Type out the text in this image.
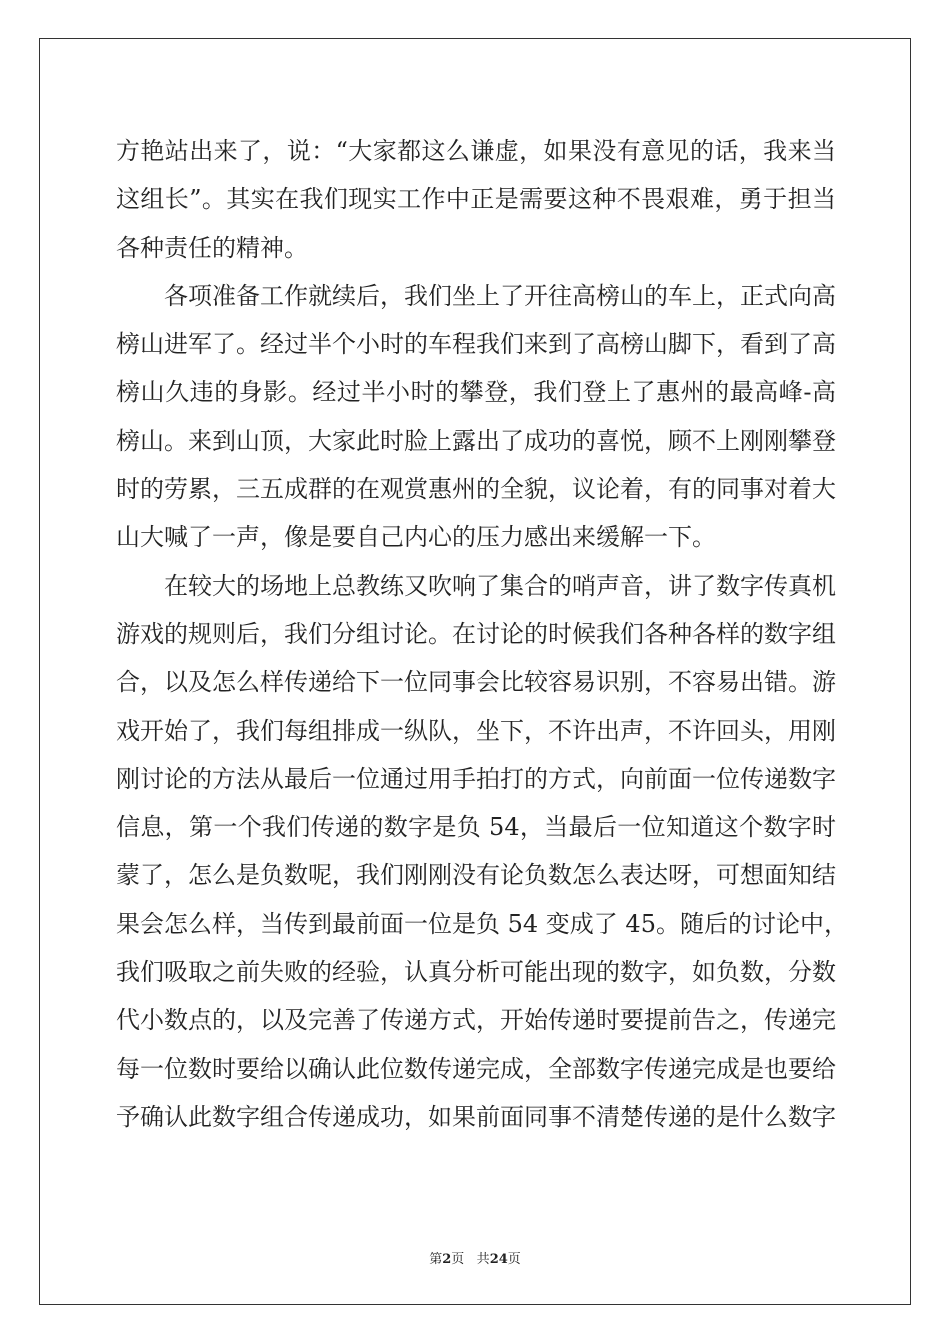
方艳站出来了，说：“大家都这么谦虚，如果没有意见的话，我来当
这组长”。其实在我们现实工作中正是需要这种不畏艰难，勇于担当
各种责任的精神。
各项准备工作就续后，我们坐上了开往高榜山的车上，正式向高
榜山进军了。经过半个小时的车程我们来到了高榜山脚下，看到了高
榜山久违的身影。经过半小时的攀登，我们登上了惠州的最高峰-高
榜山。来到山顶，大家此时脸上露出了成功的喜悦，顾不上刚刚攀登
时的劳累，三五成群的在观赏惠州的全貌，议论着，有的同事对着大
山大喊了一声，像是要自己内心的压力感出来缓解一下。
在较大的场地上总教练又吹响了集合的哨声音，讲了数字传真机
游戏的规则后，我们分组讨论。在讨论的时候我们各种各样的数字组
合，以及怎么样传递给下一位同事会比较容易识别，不容易出错。游
戏开始了，我们每组排成一纵队，坐下，不许出声，不许回头，用刚
刚讨论的方法从最后一位通过用手拍打的方式，向前面一位传递数字
信息，第一个我们传递的数字是负 54，当最后一位知道这个数字时
蒙了，怎么是负数呢，我们刚刚没有论负数怎么表达呀，可想面知结
果会怎么样，当传到最前面一位是负 54 变成了 45。随后的讨论中，
我们吸取之前失败的经验，认真分析可能出现的数字，如负数，分数
代小数点的，以及完善了传递方式，开始传递时要提前告之，传递完
每一位数时要给以确认此位数传递完成，全部数字传递完成是也要给
予确认此数字组合传递成功，如果前面同事不清楚传递的是什么数字
第2页 共24页
